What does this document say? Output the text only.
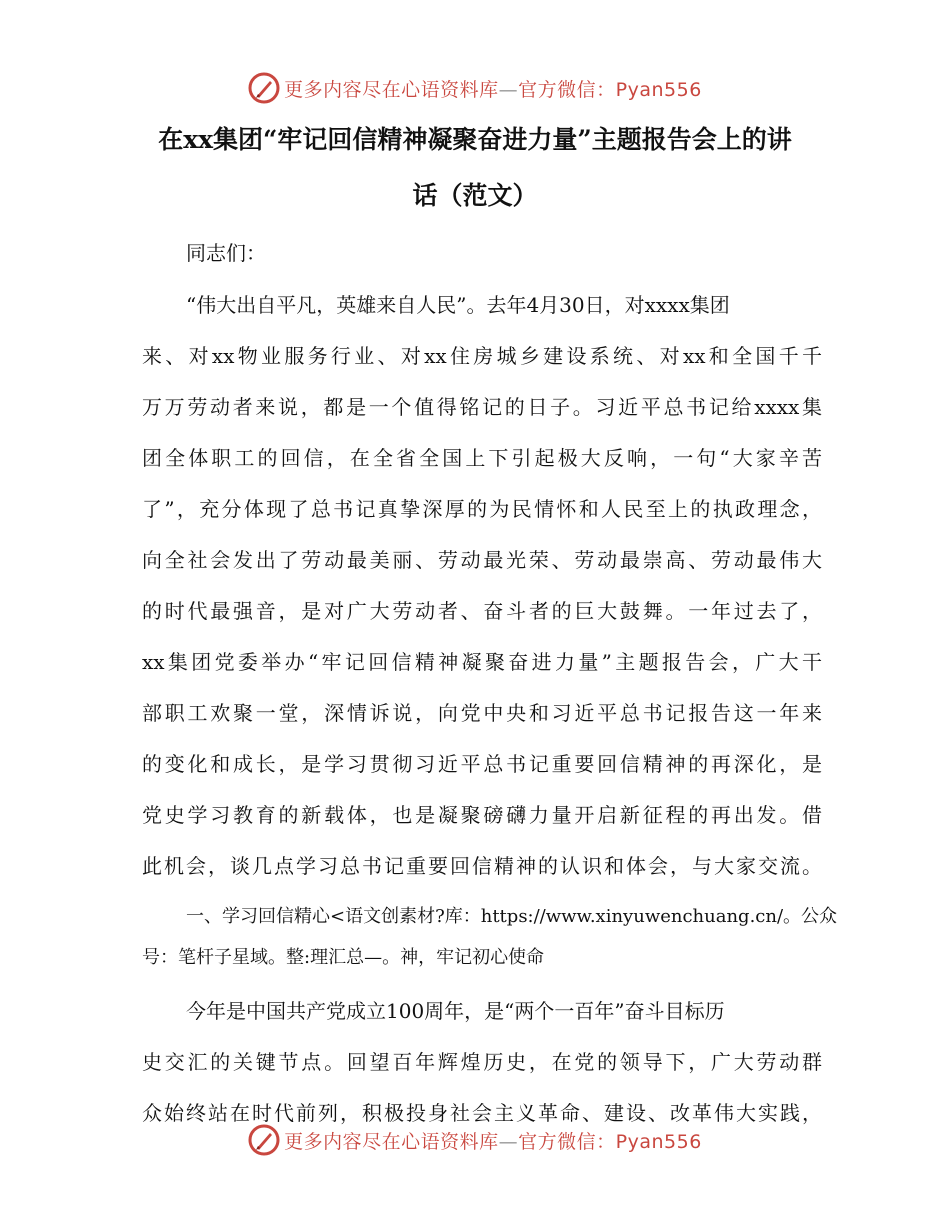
更多内容尽在心语资料库—官方微信：Pyan556
在xx集团“牢记回信精神凝聚奋进力量”主题报告会上的讲
话（范文）
同志们：
“伟大出自平凡，英雄来自人民”。去年4月30日，对xxxx集团
来、对xx物业服务行业、对xx住房城乡建设系统、对xx和全国千千
万万劳动者来说，都是一个值得铭记的日子。习近平总书记给xxxx集
团全体职工的回信，在全省全国上下引起极大反响，一句“大家辛苦
了”，充分体现了总书记真挚深厚的为民情怀和人民至上的执政理念，
向全社会发出了劳动最美丽、劳动最光荣、劳动最崇高、劳动最伟大
的时代最强音，是对广大劳动者、奋斗者的巨大鼓舞。一年过去了，
xx集团党委举办“牢记回信精神凝聚奋进力量”主题报告会，广大干
部职工欢聚一堂，深情诉说，向党中央和习近平总书记报告这一年来
的变化和成长，是学习贯彻习近平总书记重要回信精神的再深化，是
党史学习教育的新载体，也是凝聚磅礴力量开启新征程的再出发。借
此机会，谈几点学习总书记重要回信精神的认识和体会，与大家交流。
一、学习回信精心<语文创素材?库：https://www.xinyuwenchuang.cn/。公众
号：笔杆子星域。整:理汇总—。神，牢记初心使命
今年是中国共产党成立100周年，是“两个一百年”奋斗目标历
史交汇的关键节点。回望百年辉煌历史，在党的领导下，广大劳动群
众始终站在时代前列，积极投身社会主义革命、建设、改革伟大实践，
更多内容尽在心语资料库—官方微信：Pyan556
